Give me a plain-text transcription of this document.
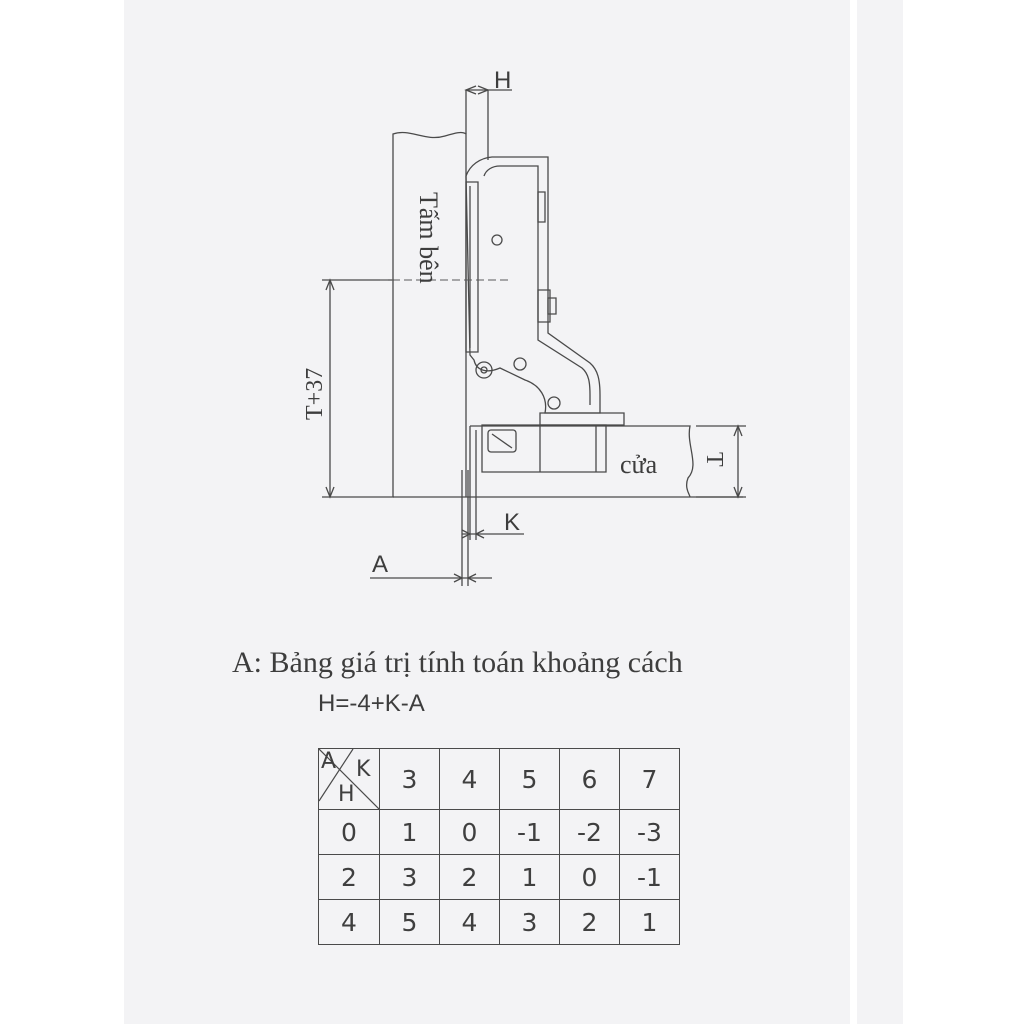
H
K
A
Tấm bên
T+37
cửa T
A: Bảng giá trị tính toán khoảng cách
H=-4+K-A
A K
H	3	4	5	6	7
0	1	0	-1	-2	-3
2	3	2	1	0	-1
4	5	4	3	2	1
